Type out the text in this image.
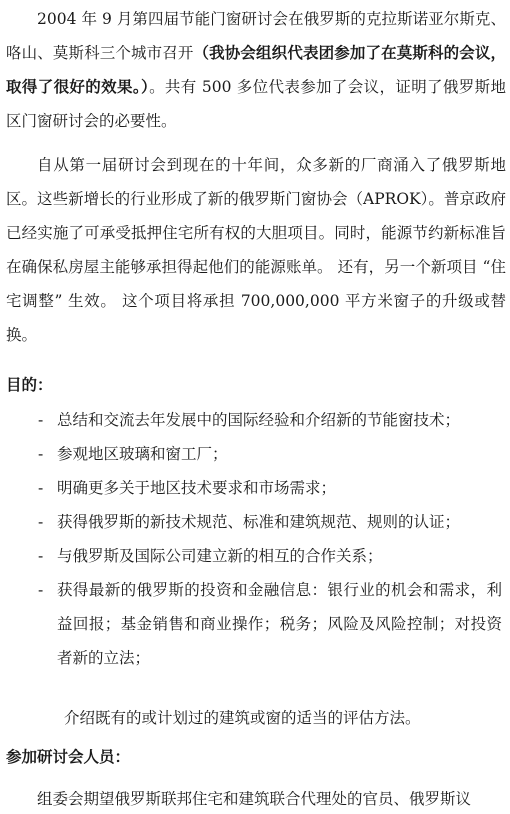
2004 年 9 月第四届节能门窗研讨会在俄罗斯的克拉斯诺亚尔斯克、咯山、莫斯科三个城市召开（我协会组织代表团参加了在莫斯科的会议，取得了很好的效果。）。共有 500 多位代表参加了会议，证明了俄罗斯地区门窗研讨会的必要性。

自从第一届研讨会到现在的十年间，众多新的厂商涌入了俄罗斯地区。这些新增长的行业形成了新的俄罗斯门窗协会（APROK）。普京政府已经实施了可承受抵押住宅所有权的大胆项目。同时，能源节约新标准旨在确保私房屋主能够承担得起他们的能源账单。 还有，另一个新项目 “住宅调整” 生效。 这个项目将承担 700,000,000 平方米窗子的升级或替换。

目的：
- 总结和交流去年发展中的国际经验和介绍新的节能窗技术；
- 参观地区玻璃和窗工厂；
- 明确更多关于地区技术要求和市场需求；
- 获得俄罗斯的新技术规范、标准和建筑规范、规则的认证；
- 与俄罗斯及国际公司建立新的相互的合作关系；
- 获得最新的俄罗斯的投资和金融信息：银行业的机会和需求，利益回报；基金销售和商业操作；税务；风险及风险控制；对投资者新的立法；

介绍既有的或计划过的建筑或窗的适当的评估方法。

参加研讨会人员：

组委会期望俄罗斯联邦住宅和建筑联合代理处的官员、俄罗斯议
